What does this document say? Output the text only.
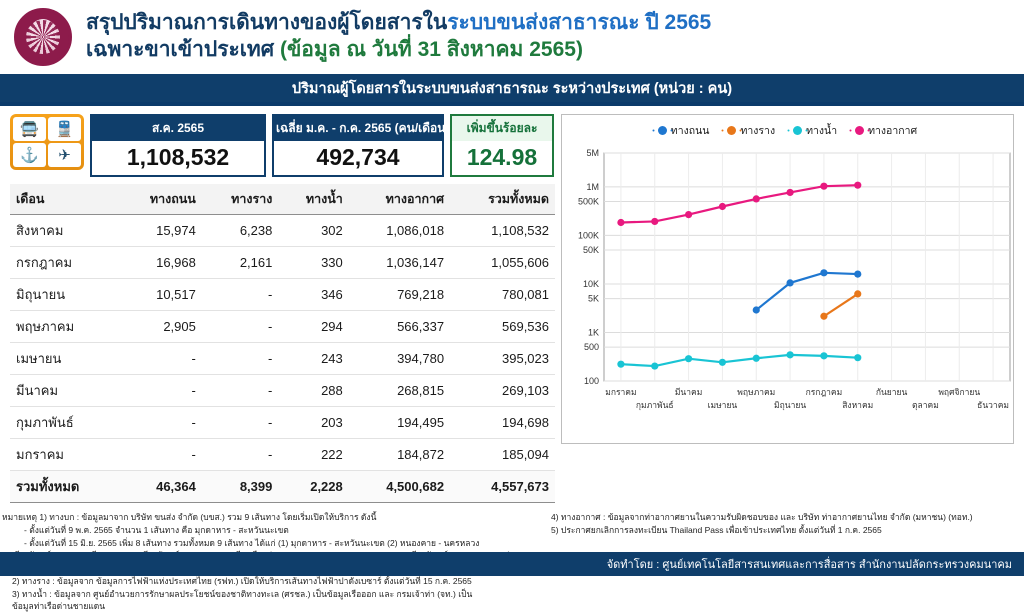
สรุปปริมาณการเดินทางของผู้โดยสารในระบบขนส่งสาธารณะ ปี 2565
เฉพาะขาเข้าประเทศ (ข้อมูล ณ วันที่ 31 สิงหาคม 2565)
ปริมาณผู้โดยสารในระบบขนส่งสาธารณะ ระหว่างประเทศ (หน่วย : คน)
🚍	🚆
⚓	✈
ส.ค. 2565
1,108,532
เฉลี่ย ม.ค. - ก.ค. 2565 (คน/เดือน)
492,734
เพิ่มขึ้นร้อยละ
124.98
เดือน	ทางถนน	ทางราง	ทางน้ำ	ทางอากาศ	รวมทั้งหมด
สิงหาคม	15,974	6,238	302	1,086,018	1,108,532
กรกฎาคม	16,968	2,161	330	1,036,147	1,055,606
มิถุนายน	10,517	-	346	769,218	780,081
พฤษภาคม	2,905	-	294	566,337	569,536
เมษายน	-	-	243	394,780	395,023
มีนาคม	-	-	288	268,815	269,103
กุมภาพันธ์	-	-	203	194,495	194,698
มกราคม	-	-	222	184,872	185,094
รวมทั้งหมด	46,364	8,399	2,228	4,500,682	4,557,673
ทางถนน	ทางราง	ทางน้ำ	ทางอากาศ
5M
1M
500K
100K
50K
10K
5K
1K
500
100
มกราคม
กุมภาพันธ์
มีนาคม
เมษายน
พฤษภาคม
มิถุนายน
กรกฎาคม
สิงหาคม
กันยายน
ตุลาคม
พฤศจิกายน
ธันวาคม
หมายเหตุ 1) ทางบก : ข้อมูลมาจาก บริษัท ขนส่ง จำกัด (บขส.) รวม 9 เส้นทาง โดยเริ่มเปิดให้บริการ ดังนี้
- ตั้งแต่วันที่ 9 พ.ค. 2565 จำนวน 1 เส้นทาง คือ มุกดาหาร - สะหวันนะเขต
- ตั้งแต่วันที่ 15 มิ.ย. 2565 เพิ่ม 8 เส้นทาง รวมทั้งหมด 9 เส้นทาง ได้แก่ (1) มุกดาหาร - สะหวันนะเขต (2) หนองคาย - นครหลวง
2) ทางราง : ข้อมูลจาก ข้อมูลการไฟฟ้าแห่งประเทศไทย (รฟท.) เปิดให้บริการเส้นทางไฟฟ้าปาดังเบซาร์ ตั้งแต่วันที่ 15 ก.ค. 2565
3) ทางน้ำ : ข้อมูลจาก ศูนย์อำนวยการรักษาผลประโยชน์ของชาติทางทะเล (ศรชล.) เป็นข้อมูลเรือออก และ กรมเจ้าท่า (จท.) เป็น
ข้อมูลท่าเรือด่านชายแดน
4) ทางอากาศ : ข้อมูลจากท่าอากาศยานในความรับผิดชอบของ และ บริษัท ท่าอากาศยานไทย จำกัด (มหาชน) (ทอท.)
5) ประกาศยกเลิกการลงทะเบียน Thailand Pass เพื่อเข้าประเทศไทย ตั้งแต่วันที่ 1 ก.ค. 2565
จัดทำโดย : ศูนย์เทคโนโลยีสารสนเทศและการสื่อสาร สำนักงานปลัดกระทรวงคมนาคม
